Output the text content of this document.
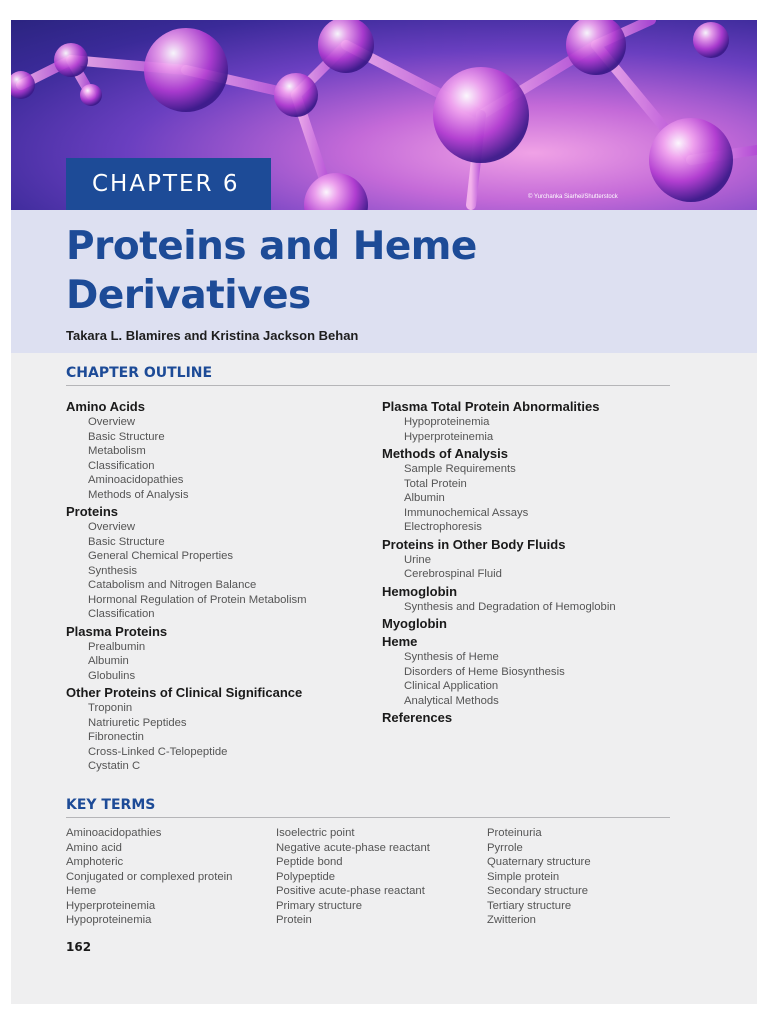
CHAPTER 6	© Yurchanka Siarhei/Shutterstock
Proteins and Heme
Derivatives
Takara L. Blamires and Kristina Jackson Behan
CHAPTER OUTLINE
Amino Acids
Overview
Basic Structure
Metabolism
Classification
Aminoacidopathies
Methods of Analysis
Proteins
Overview
Basic Structure
General Chemical Properties
Synthesis
Catabolism and Nitrogen Balance
Hormonal Regulation of Protein Metabolism
Classification
Plasma Proteins
Prealbumin
Albumin
Globulins
Other Proteins of Clinical Significance
Troponin
Natriuretic Peptides
Fibronectin
Cross-Linked C-Telopeptide
Cystatin C
Plasma Total Protein Abnormalities
Hypoproteinemia
Hyperproteinemia
Methods of Analysis
Sample Requirements
Total Protein
Albumin
Immunochemical Assays
Electrophoresis
Proteins in Other Body Fluids
Urine
Cerebrospinal Fluid
Hemoglobin
Synthesis and Degradation of Hemoglobin
Myoglobin
Heme
Synthesis of Heme
Disorders of Heme Biosynthesis
Clinical Application
Analytical Methods
References
KEY TERMS
Aminoacidopathies
Amino acid
Amphoteric
Conjugated or complexed protein
Heme
Hyperproteinemia
Hypoproteinemia
Isoelectric point
Negative acute-phase reactant
Peptide bond
Polypeptide
Positive acute-phase reactant
Primary structure
Protein
Proteinuria
Pyrrole
Quaternary structure
Simple protein
Secondary structure
Tertiary structure
Zwitterion
162
